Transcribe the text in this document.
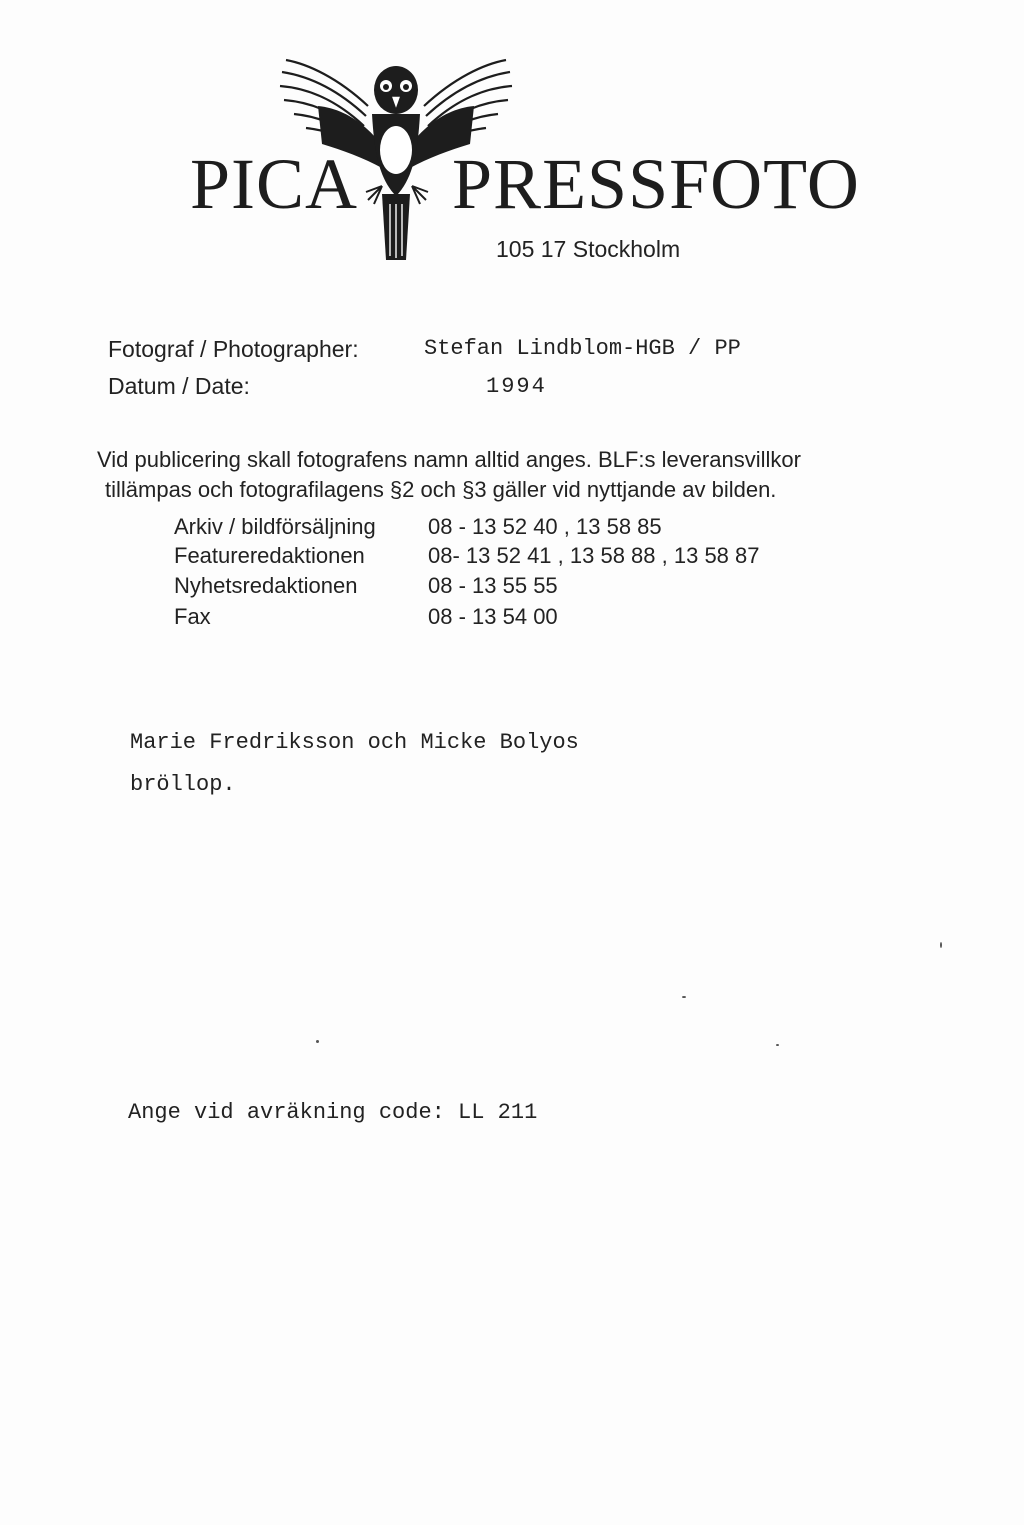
PICA PRESSFOTO
105 17 Stockholm
Fotograf / Photographer:	Stefan Lindblom-HGB / PP
Datum / Date:	1994
Vid publicering skall fotografens namn alltid anges. BLF:s leveransvillkor
tillämpas och fotografilagens §2 och §3 gäller vid nyttjande av bilden.
Arkiv / bildförsäljning 08 - 13 52 40 , 13 58 85
Featureredaktionen	08- 13 52 41 , 13 58 88 , 13 58 87
Nyhetsredaktionen	08 - 13 55 55
Fax	08 - 13 54 00
Marie Fredriksson och Micke Bolyos
bröllop.
Ange vid avräkning code: LL 211
